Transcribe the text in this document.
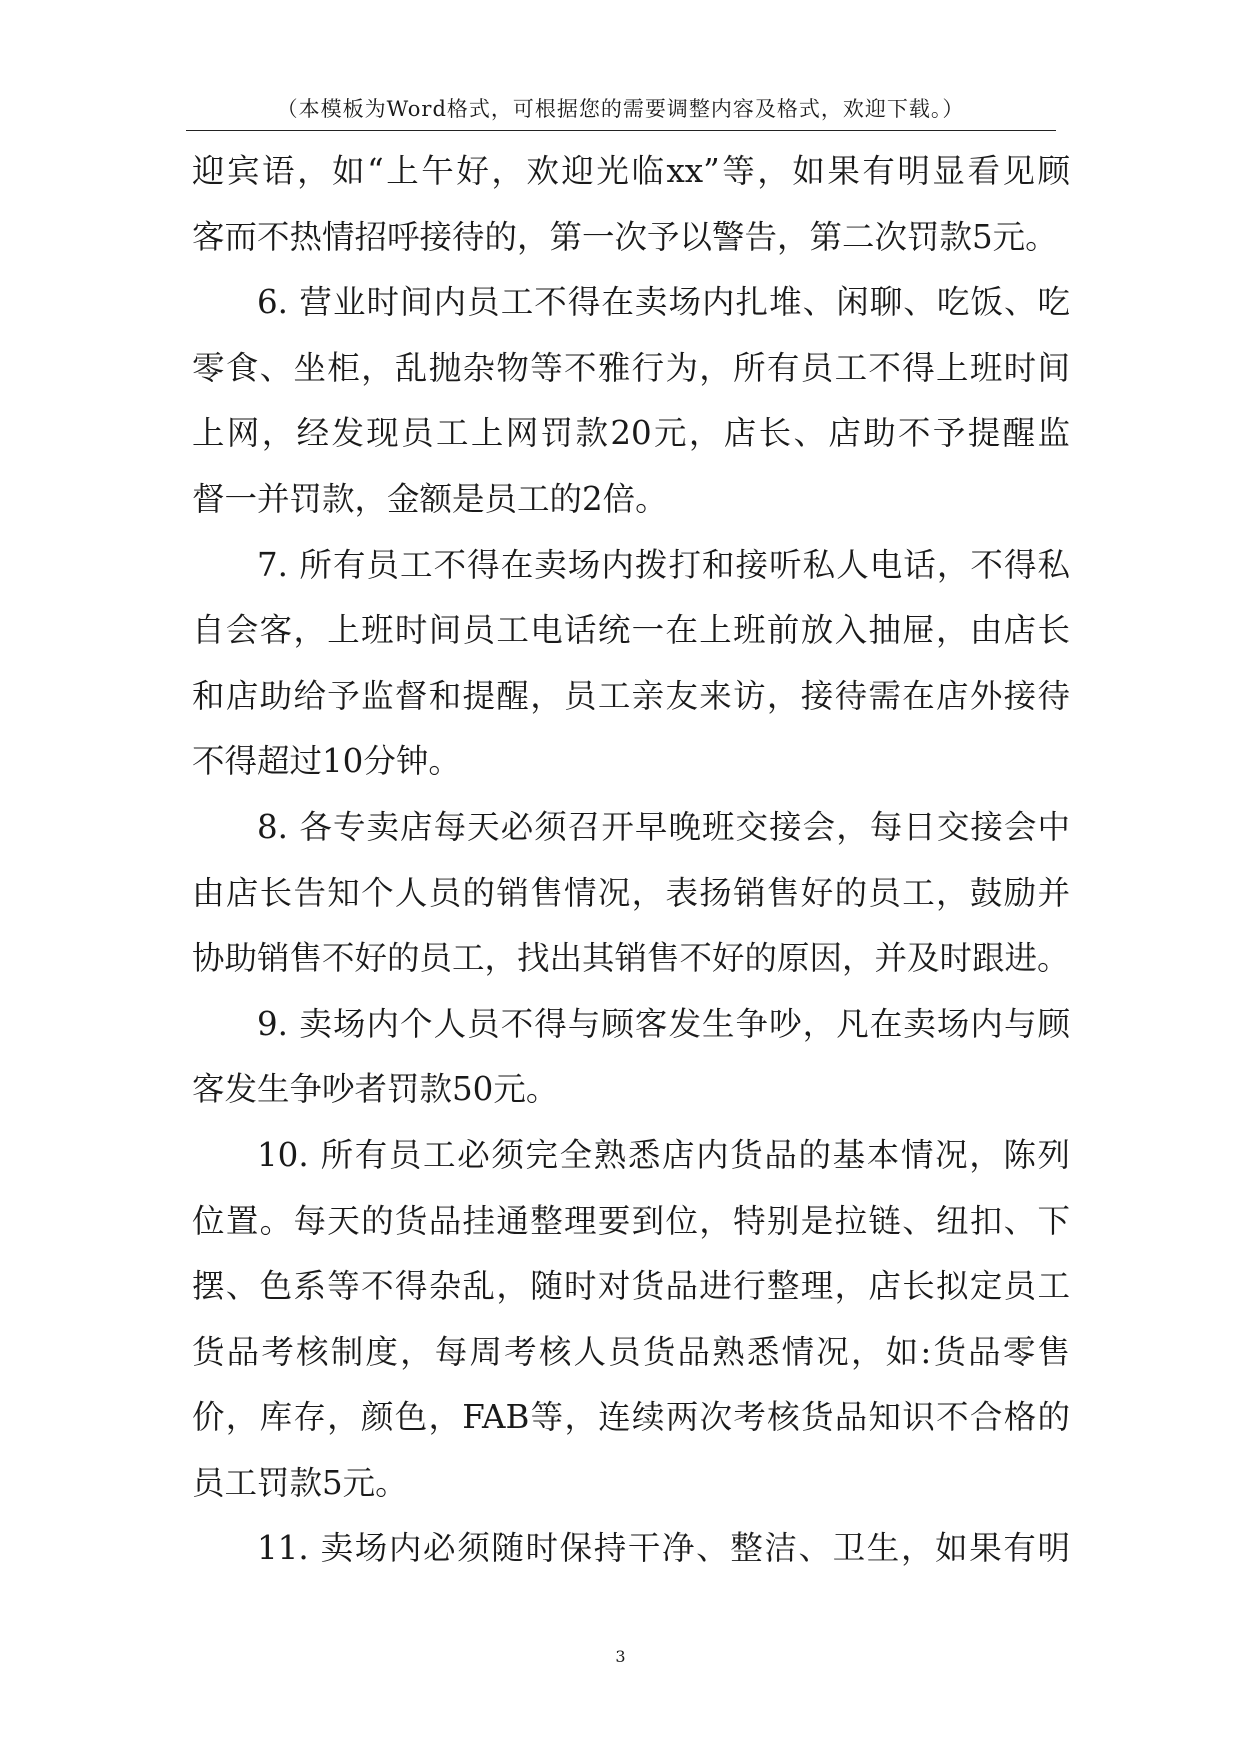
（本模板为Word格式，可根据您的需要调整内容及格式，欢迎下载。）
迎宾语，如“上午好，欢迎光临xx”等，如果有明显看见顾
客而不热情招呼接待的，第一次予以警告，第二次罚款5元。
6. 营业时间内员工不得在卖场内扎堆、闲聊、吃饭、吃
零食、坐柜，乱抛杂物等不雅行为，所有员工不得上班时间
上网，经发现员工上网罚款20元，店长、店助不予提醒监
督一并罚款，金额是员工的2倍。
7. 所有员工不得在卖场内拨打和接听私人电话，不得私
自会客，上班时间员工电话统一在上班前放入抽屉，由店长
和店助给予监督和提醒，员工亲友来访，接待需在店外接待
不得超过10分钟。
8. 各专卖店每天必须召开早晚班交接会，每日交接会中
由店长告知个人员的销售情况，表扬销售好的员工，鼓励并
协助销售不好的员工，找出其销售不好的原因，并及时跟进。
9. 卖场内个人员不得与顾客发生争吵，凡在卖场内与顾
客发生争吵者罚款50元。
10. 所有员工必须完全熟悉店内货品的基本情况，陈列
位置。每天的货品挂通整理要到位，特别是拉链、纽扣、下
摆、色系等不得杂乱，随时对货品进行整理，店长拟定员工
货品考核制度，每周考核人员货品熟悉情况，如:货品零售
价，库存，颜色，FAB等，连续两次考核货品知识不合格的
员工罚款5元。
11. 卖场内必须随时保持干净、整洁、卫生，如果有明
3
